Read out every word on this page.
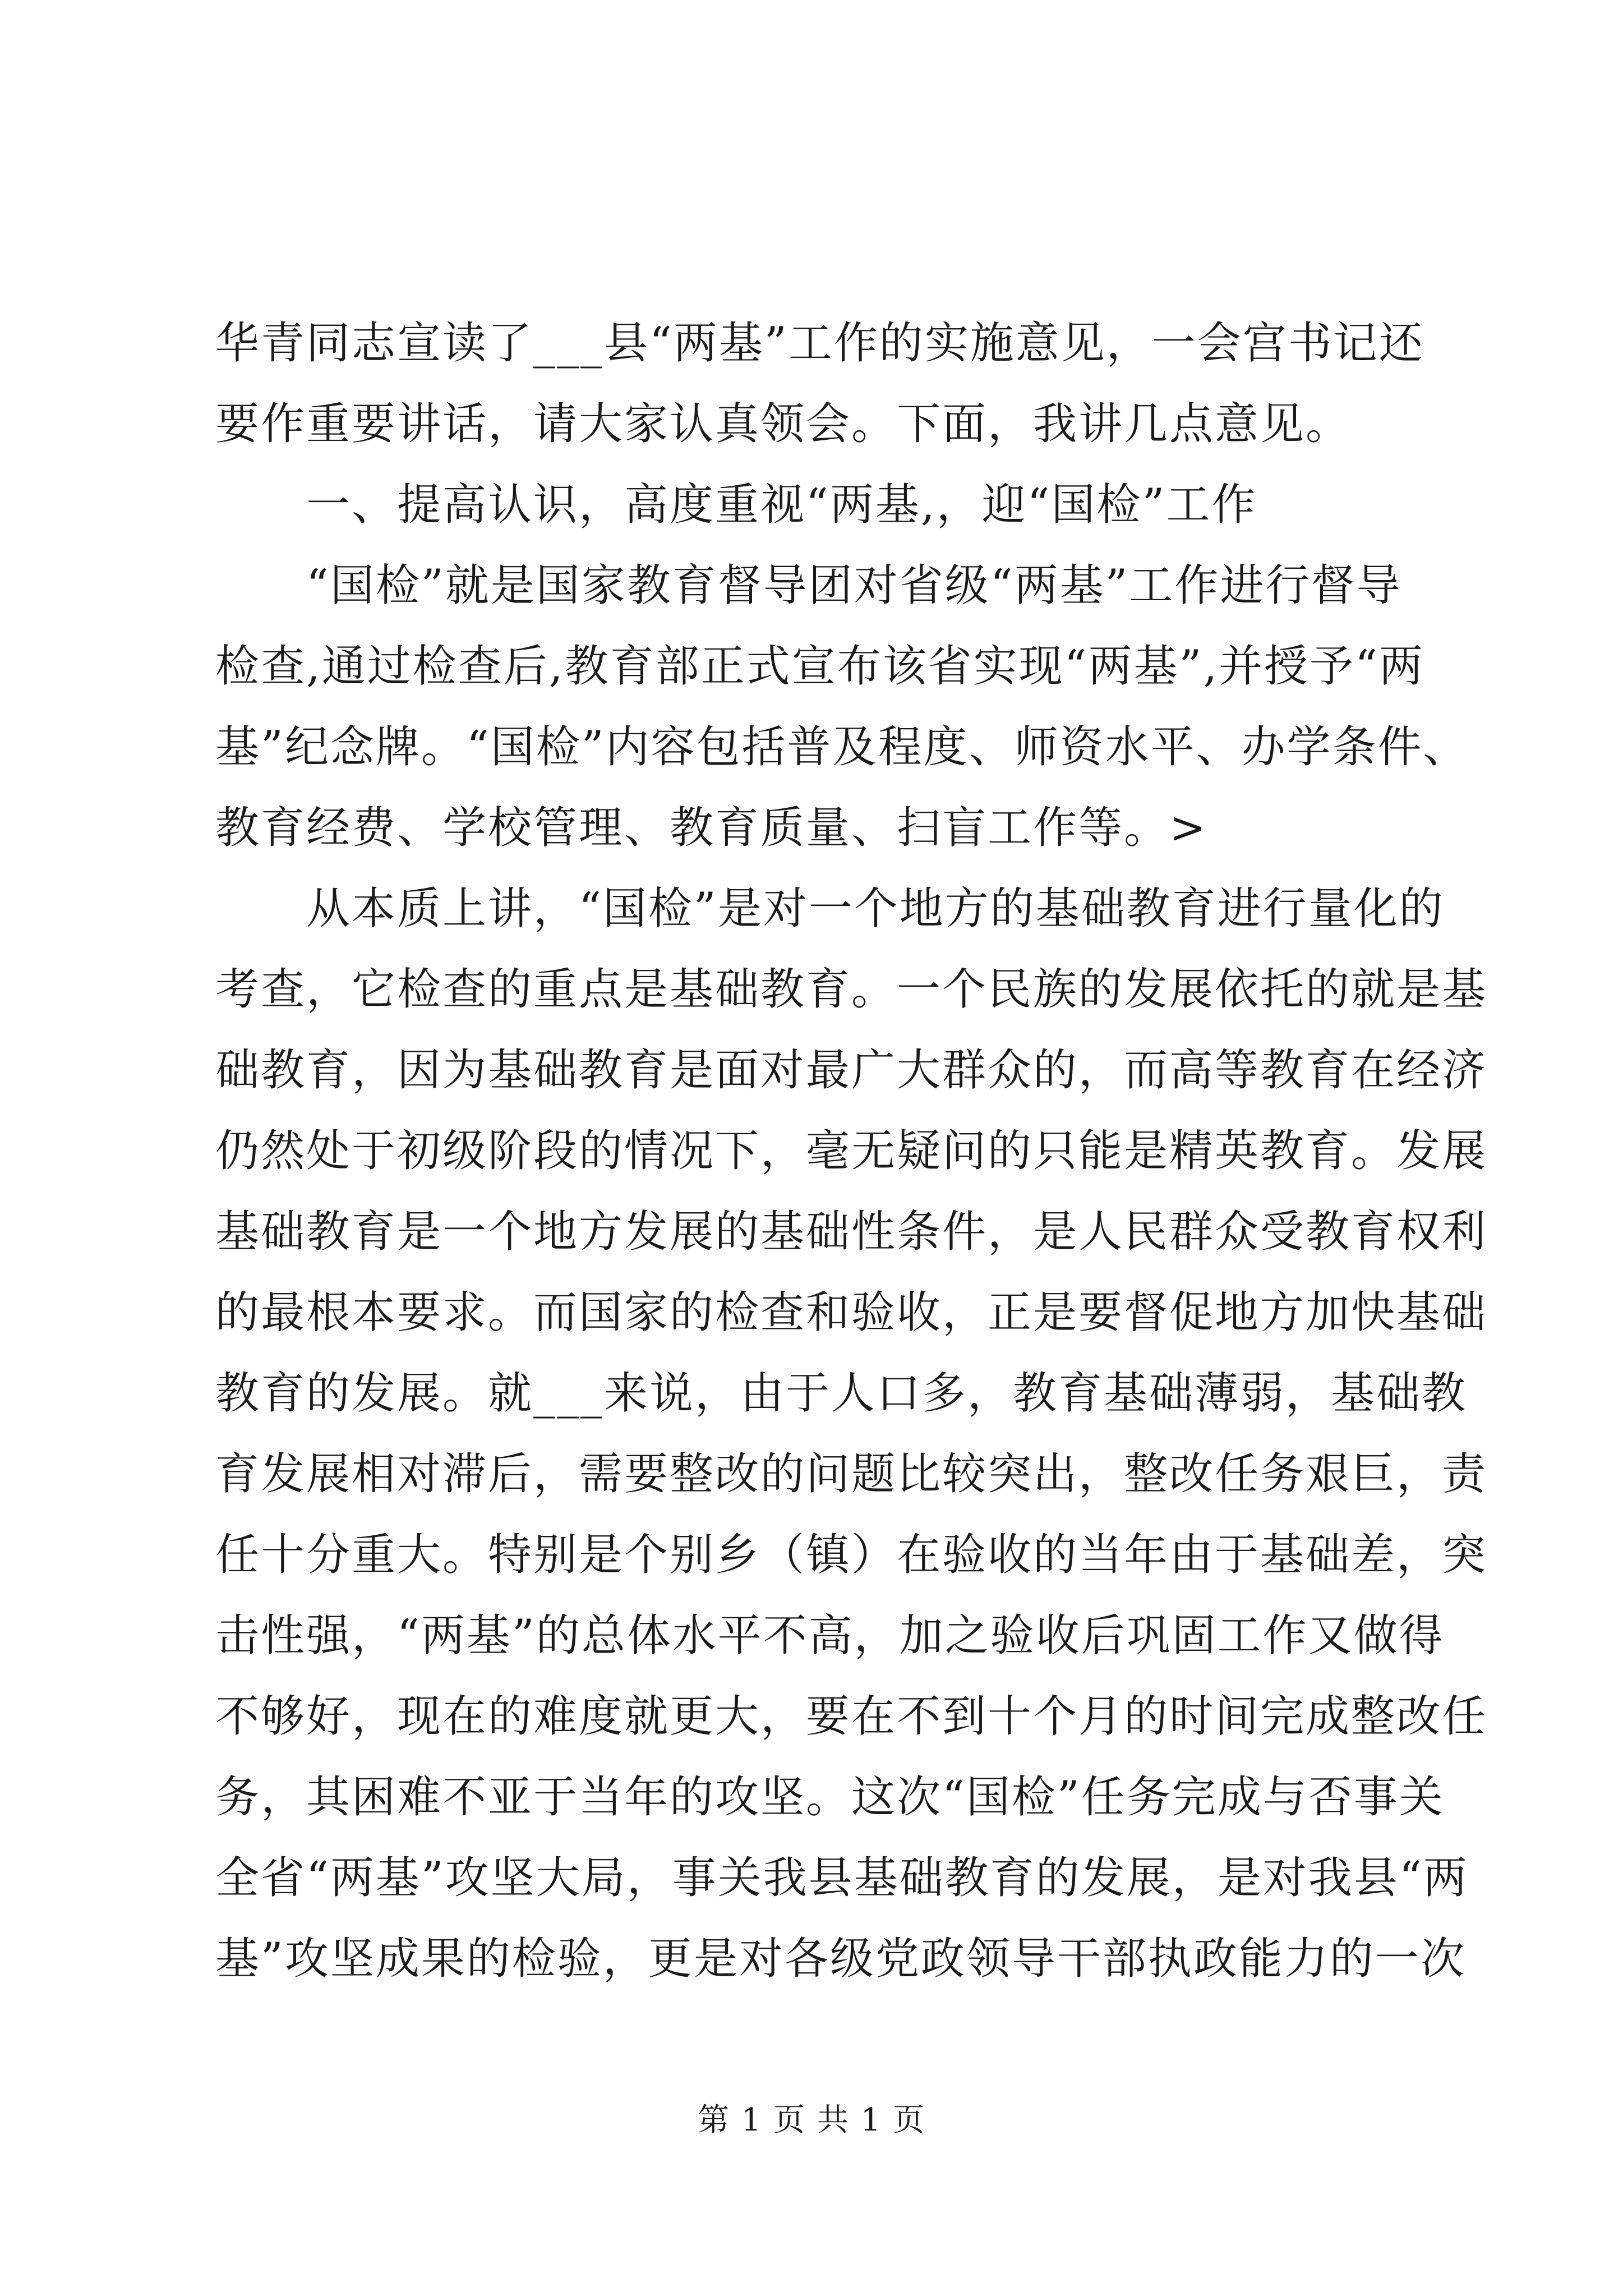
华青同志宣读了___县“两基”工作的实施意见，一会宫书记还

要作重要讲话，请大家认真领会。下面，我讲几点意见。

　　一、提高认识，高度重视“两基,，迎“国检”工作

　　“国检”就是国家教育督导团对省级“两基”工作进行督导

检查,通过检查后,教育部正式宣布该省实现“两基”,并授予“两

基”纪念牌。“国检”内容包括普及程度、师资水平、办学条件、

教育经费、学校管理、教育质量、扫盲工作等。>

　　从本质上讲，“国检”是对一个地方的基础教育进行量化的

考查，它检查的重点是基础教育。一个民族的发展依托的就是基

础教育，因为基础教育是面对最广大群众的，而高等教育在经济

仍然处于初级阶段的情况下，毫无疑问的只能是精英教育。发展

基础教育是一个地方发展的基础性条件，是人民群众受教育权利

的最根本要求。而国家的检查和验收，正是要督促地方加快基础

教育的发展。就___来说，由于人口多，教育基础薄弱，基础教

育发展相对滞后，需要整改的问题比较突出，整改任务艰巨，责

任十分重大。特别是个别乡（镇）在验收的当年由于基础差，突

击性强，“两基”的总体水平不高，加之验收后巩固工作又做得

不够好，现在的难度就更大，要在不到十个月的时间完成整改任

务，其困难不亚于当年的攻坚。这次“国检”任务完成与否事关

全省“两基”攻坚大局，事关我县基础教育的发展，是对我县“两

基”攻坚成果的检验，更是对各级党政领导干部执政能力的一次

第 1 页 共 1 页
